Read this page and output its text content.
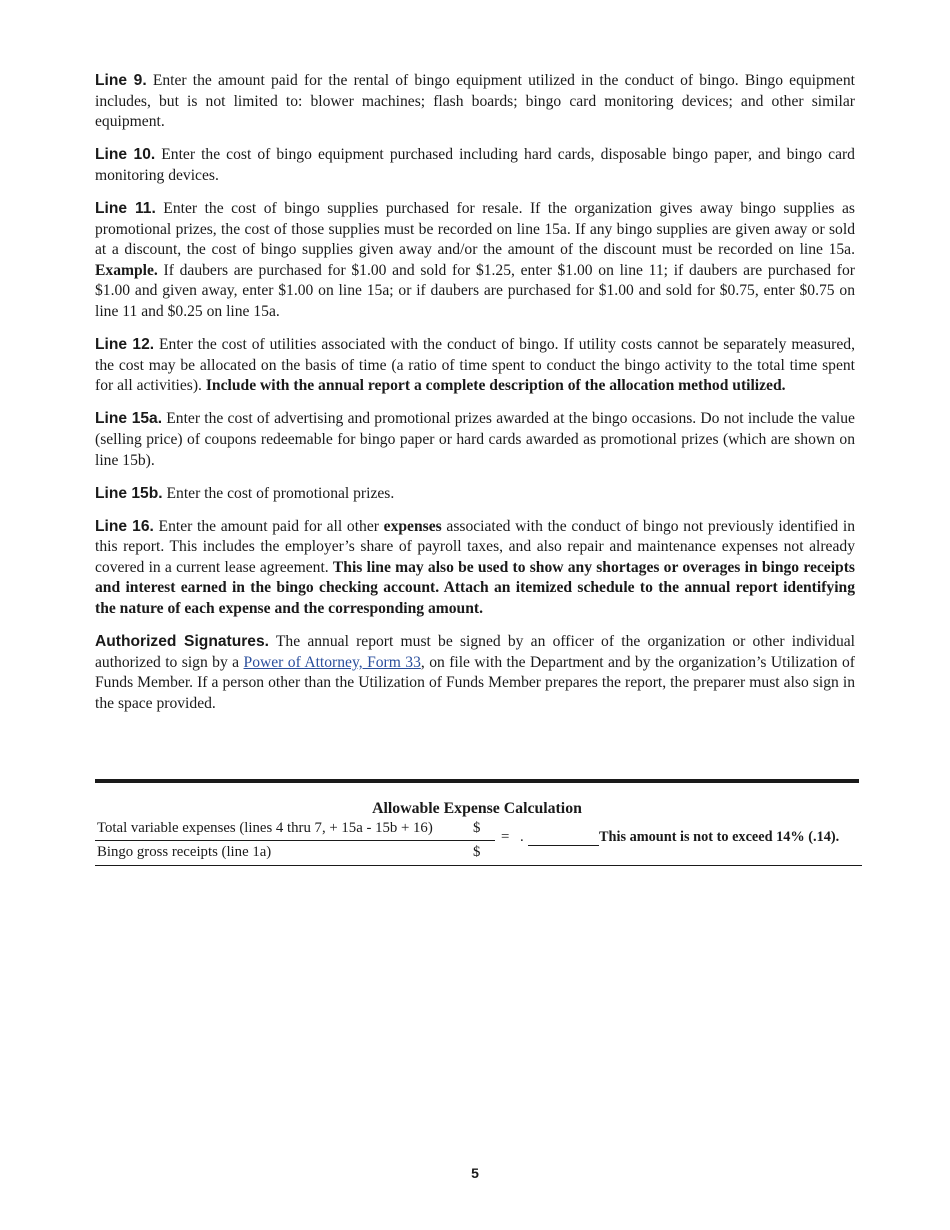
Line 9. Enter the amount paid for the rental of bingo equipment utilized in the conduct of bingo. Bingo equipment includes, but is not limited to: blower machines; flash boards; bingo card monitoring devices; and other similar equipment.

Line 10. Enter the cost of bingo equipment purchased including hard cards, disposable bingo paper, and bingo card monitoring devices.

Line 11. Enter the cost of bingo supplies purchased for resale. If the organization gives away bingo supplies as promotional prizes, the cost of those supplies must be recorded on line 15a. If any bingo supplies are given away or sold at a discount, the cost of bingo supplies given away and/or the amount of the discount must be recorded on line 15a. Example. If daubers are purchased for $1.00 and sold for $1.25, enter $1.00 on line 11; if daubers are purchased for $1.00 and given away, enter $1.00 on line 15a; or if daubers are purchased for $1.00 and sold for $0.75, enter $0.75 on line 11 and $0.25 on line 15a.

Line 12. Enter the cost of utilities associated with the conduct of bingo. If utility costs cannot be separately measured, the cost may be allocated on the basis of time (a ratio of time spent to conduct the bingo activity to the total time spent for all activities). Include with the annual report a complete description of the allocation method utilized.

Line 15a. Enter the cost of advertising and promotional prizes awarded at the bingo occasions. Do not include the value (selling price) of coupons redeemable for bingo paper or hard cards awarded as promotional prizes (which are shown on line 15b).

Line 15b. Enter the cost of promotional prizes.

Line 16. Enter the amount paid for all other expenses associated with the conduct of bingo not previously identified in this report. This includes the employer’s share of payroll taxes, and also repair and maintenance expenses not already covered in a current lease agreement. This line may also be used to show any shortages or overages in bingo receipts and interest earned in the bingo checking account. Attach an itemized schedule to the annual report identifying the nature of each expense and the corresponding amount.

Authorized Signatures. The annual report must be signed by an officer of the organization or other individual authorized to sign by a Power of Attorney, Form 33, on file with the Department and by the organization’s Utilization of Funds Member. If a person other than the Utilization of Funds Member prepares the report, the preparer must also sign in the space provided.

Allowable Expense Calculation
Total variable expenses (lines 4 thru 7, + 15a - 15b + 16)	$
Bingo gross receipts (line 1a)	$
= .	This amount is not to exceed 14% (.14).
5
